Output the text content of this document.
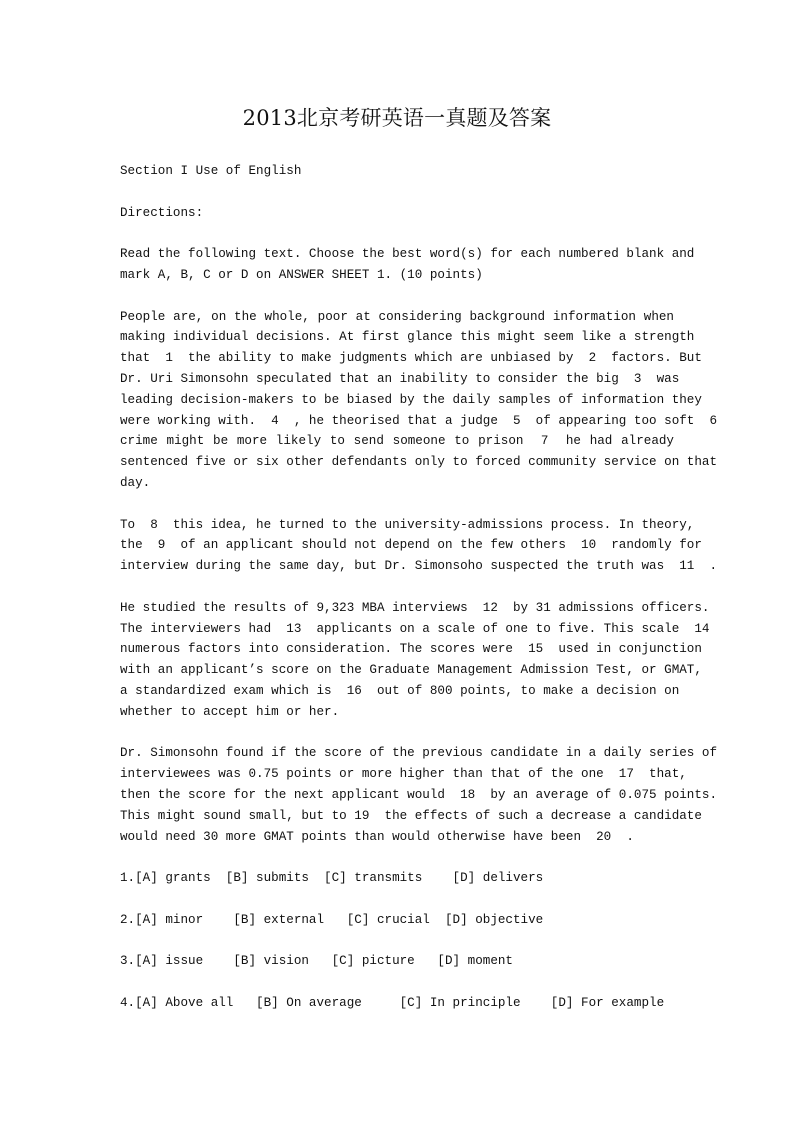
2013北京考研英语一真题及答案

Section I Use of English

Directions:

Read the following text. Choose the best word(s) for each numbered blank and

mark A, B, C or D on ANSWER SHEET 1. (10 points)

People are, on the whole, poor at considering background information when

making individual decisions. At first glance this might seem like a strength

that  1  the ability to make judgments which are unbiased by  2  factors. But

Dr. Uri Simonsohn speculated that an inability to consider the big  3  was

leading decision-makers to be biased by the daily samples of information they

were working with.  4  , he theorised that a judge  5  of appearing too soft  6

crime might be more likely to send someone to prison  7  he had already

sentenced five or six other defendants only to forced community service on that

day.

To  8  this idea, he turned to the university-admissions process. In theory,

the  9  of an applicant should not depend on the few others  10  randomly for

interview during the same day, but Dr. Simonsoho suspected the truth was  11  .

He studied the results of 9,323 MBA interviews  12  by 31 admissions officers.

The interviewers had  13  applicants on a scale of one to five. This scale  14

numerous factors into consideration. The scores were  15  used in conjunction

with an applicant’s score on the Graduate Management Admission Test, or GMAT,

a standardized exam which is  16  out of 800 points, to make a decision on

whether to accept him or her.

Dr. Simonsohn found if the score of the previous candidate in a daily series of

interviewees was 0.75 points or more higher than that of the one  17  that,

then the score for the next applicant would  18  by an average of 0.075 points.

This might sound small, but to 19  the effects of such a decrease a candidate

would need 30 more GMAT points than would otherwise have been  20  .

1.[A] grants  [B] submits  [C] transmits    [D] delivers

2.[A] minor    [B] external   [C] crucial  [D] objective

3.[A] issue    [B] vision   [C] picture   [D] moment

4.[A] Above all   [B] On average     [C] In principle    [D] For example
